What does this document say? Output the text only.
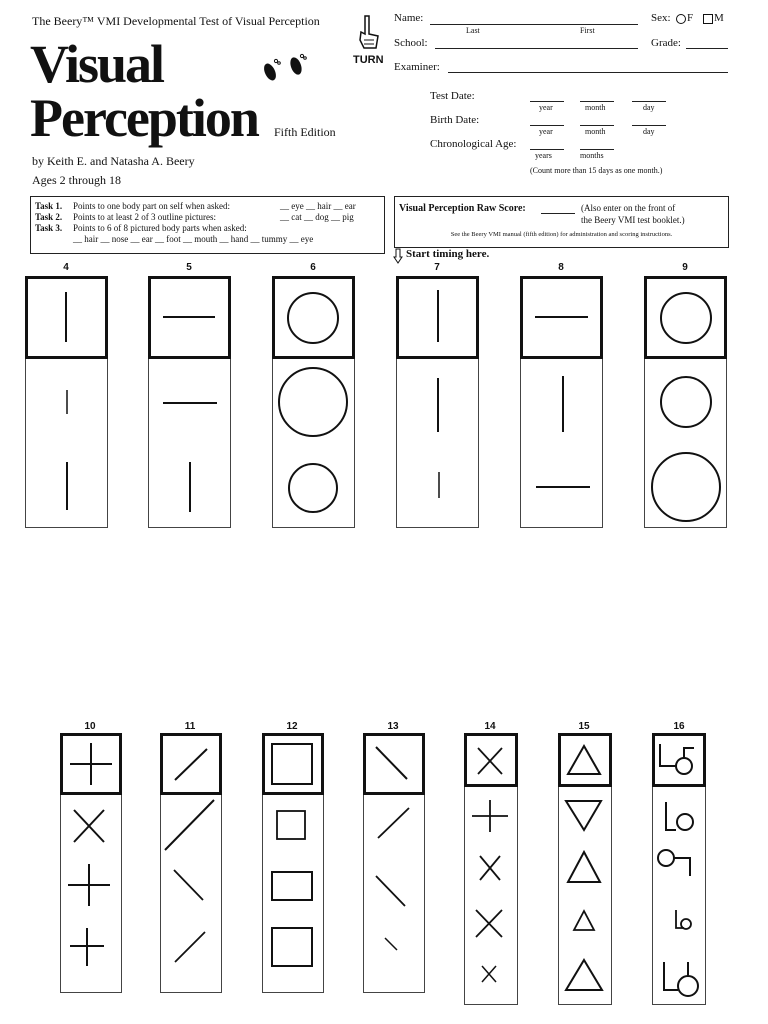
The Beery™ VMI Developmental Test of Visual Perception
Visual
Perception Fifth Edition
by Keith E. and Natasha A. Beery
Ages 2 through 18
TURN
Name:
Last	First
Sex: F M
School:	Grade:
Examiner:
Test Date:
year	month	day
Birth Date:
year	month	day
Chronological Age:
years	months
(Count more than 15 days as one month.)
Task 1. Points to one body part on self when asked:	__ eye __ hair __ ear
Task 2. Points to at least 2 of 3 outline pictures:	__ cat __ dog __ pig
Task 3. Points to 6 of 8 pictured body parts when asked:
__ hair __ nose __ ear __ foot __ mouth __ hand __ tummy __ eye
Visual Perception Raw Score:	(Also enter on the front of
the Beery VMI test booklet.)
See the Beery VMI manual (fifth edition) for administration and scoring instructions.
Start timing here.
4	5	6	7	8	9
10	11	12	13	14	15	16
